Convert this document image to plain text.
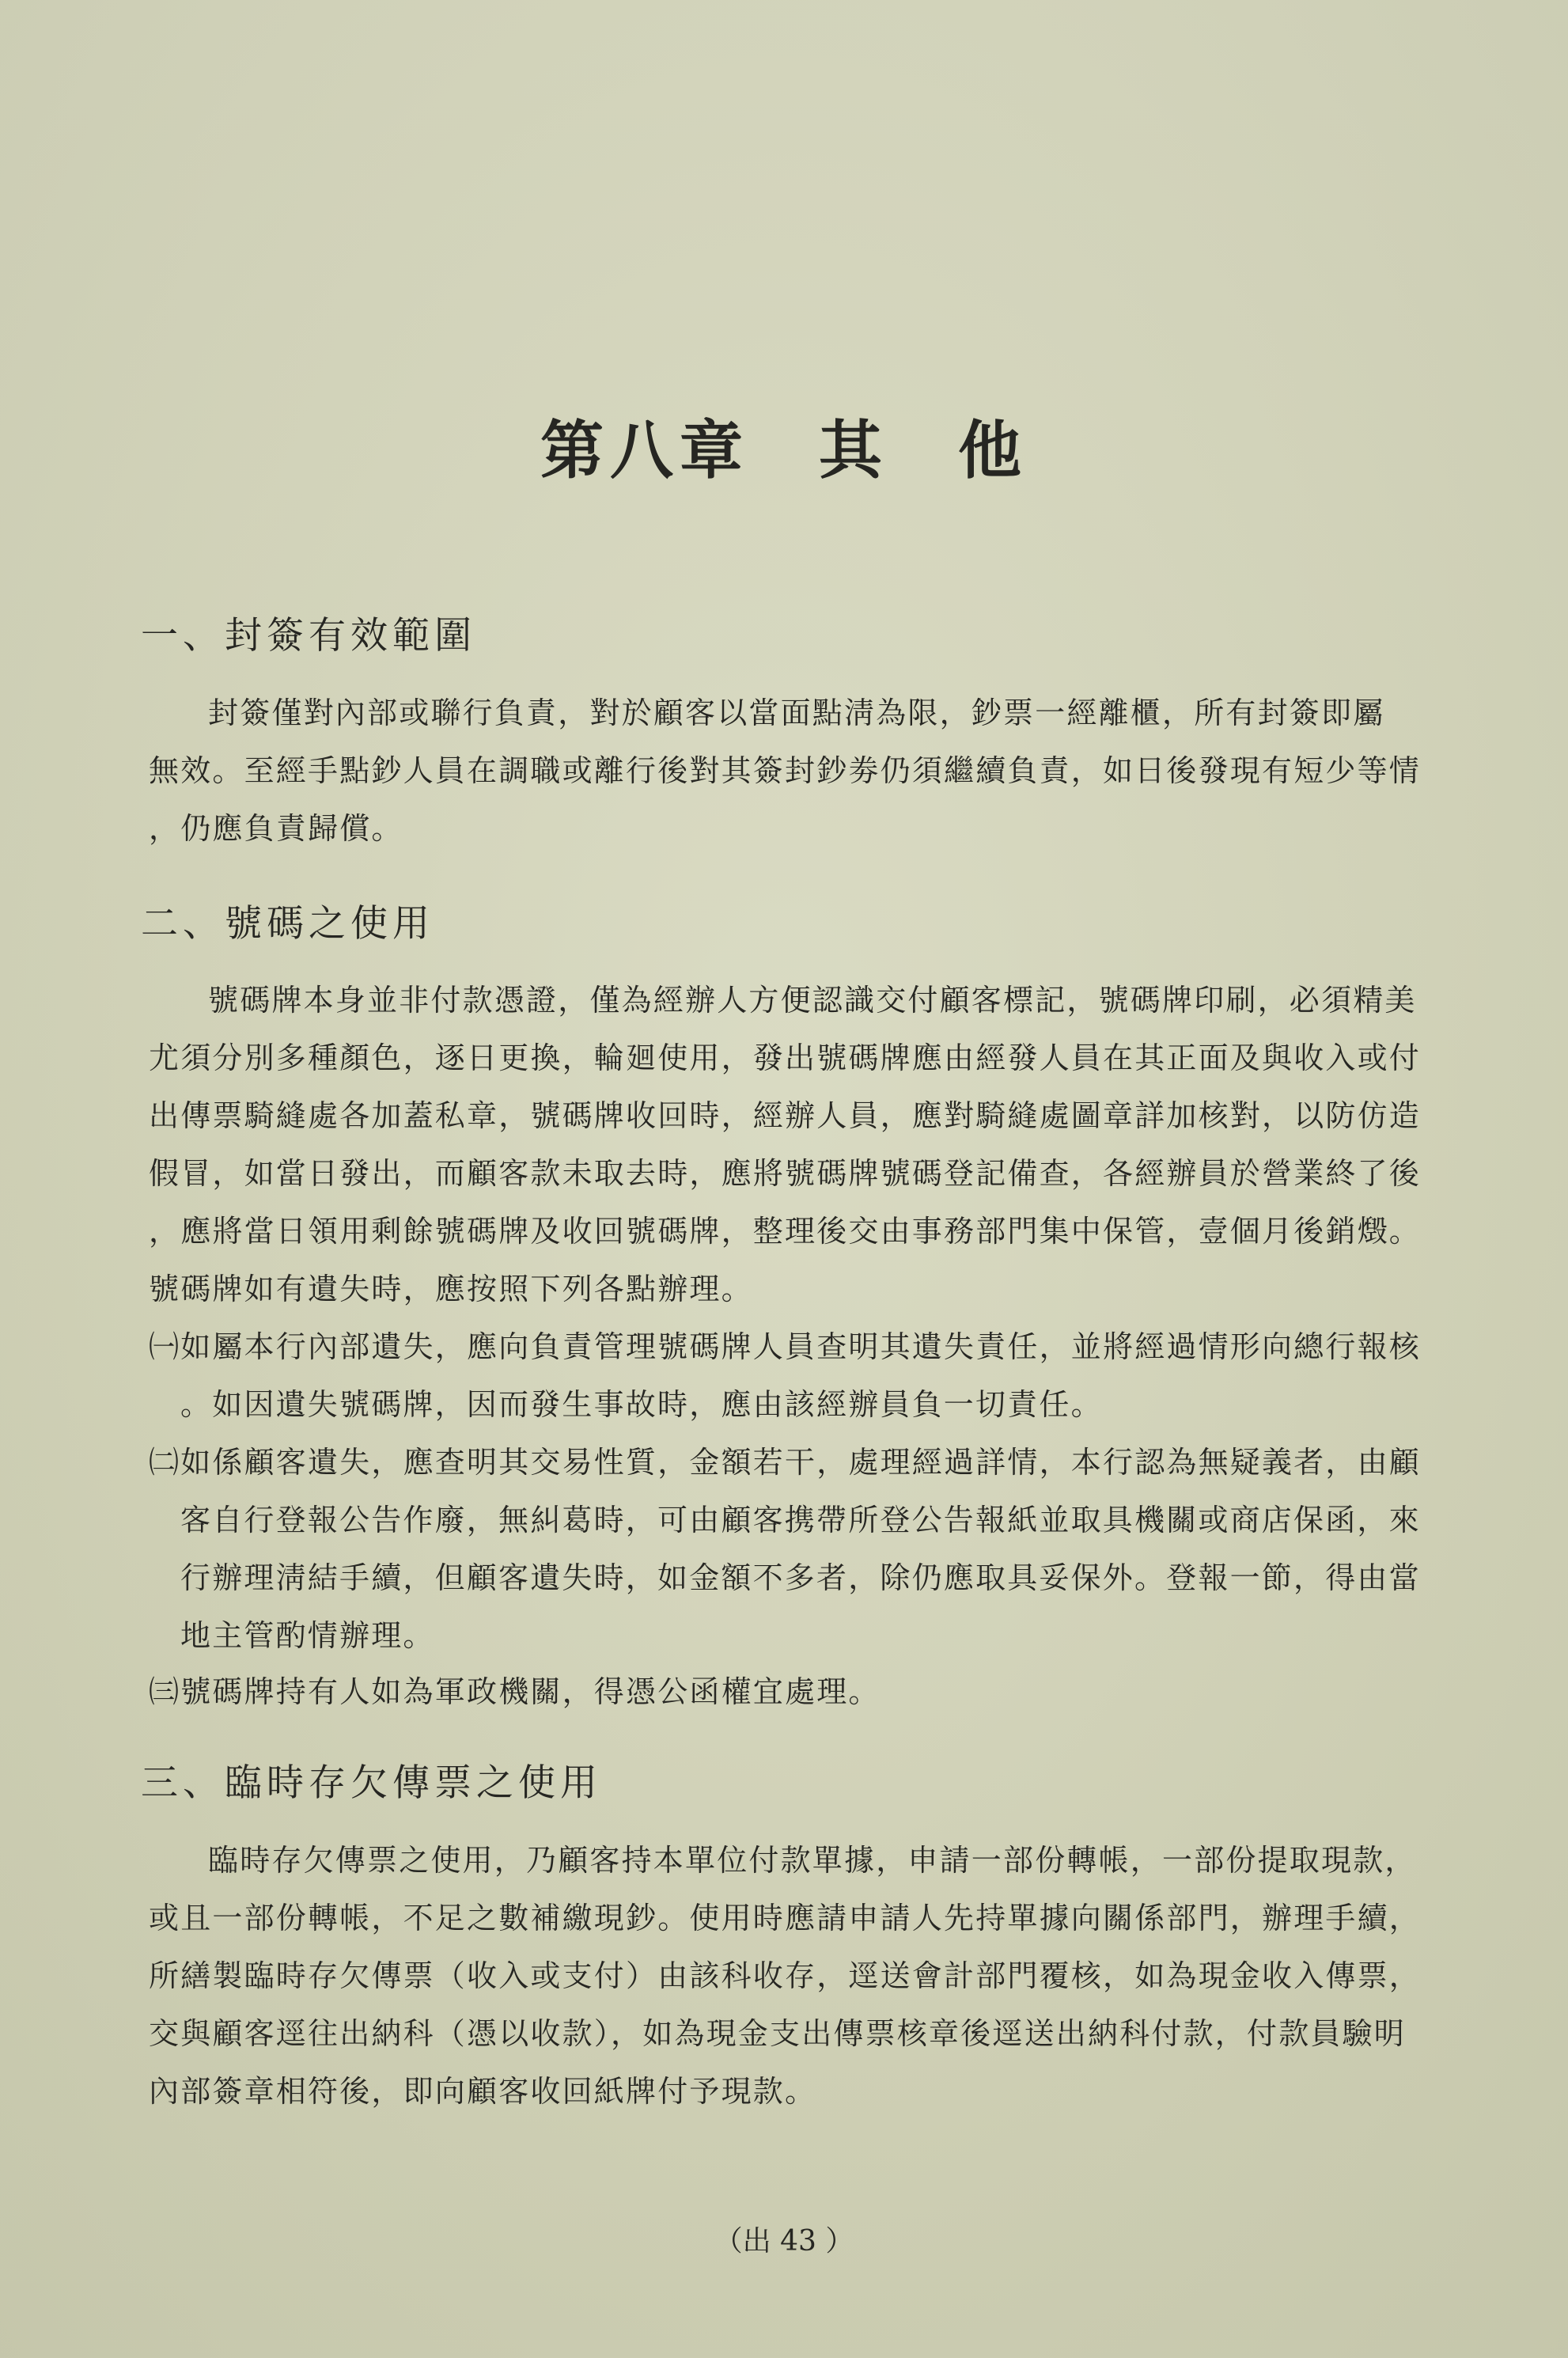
第八章　其　他
一、封簽有效範圍
封簽僅對內部或聯行負責，對於顧客以當面點淸為限，鈔票一經離櫃，所有封簽即屬
無效。至經手點鈔人員在調職或離行後對其簽封鈔劵仍須繼續負責，如日後發現有短少等情
，仍應負責歸償。
二、號碼之使用
號碼牌本身並非付款憑證，僅為經辦人方便認識交付顧客標記，號碼牌印刷，必須精美
尤須分別多種顏色，逐日更換，輪廻使用，發出號碼牌應由經發人員在其正面及與收入或付
出傳票騎縫處各加蓋私章，號碼牌收回時，經辦人員，應對騎縫處圖章詳加核對，以防仿造
假冒，如當日發出，而顧客款未取去時，應將號碼牌號碼登記備查，各經辦員於營業終了後
，應將當日領用剩餘號碼牌及收回號碼牌，整理後交由事務部門集中保管，壹個月後銷燬。
號碼牌如有遺失時，應按照下列各點辦理。
㈠如屬本行內部遺失，應向負責管理號碼牌人員查明其遺失責任，並將經過情形向總行報核
。如因遺失號碼牌，因而發生事故時，應由該經辦員負一切責任。
㈡如係顧客遺失，應查明其交易性質，金額若干，處理經過詳情，本行認為無疑義者，由顧
客自行登報公告作廢，無糾葛時，可由顧客携帶所登公告報紙並取具機關或商店保函，來
行辦理淸結手續，但顧客遺失時，如金額不多者，除仍應取具妥保外。登報一節，得由當
地主管酌情辦理。
㈢號碼牌持有人如為軍政機關，得憑公函權宜處理。
三、臨時存欠傳票之使用
臨時存欠傳票之使用，乃顧客持本單位付款單據，申請一部份轉帳，一部份提取現款，
或且一部份轉帳，不足之數補繳現鈔。使用時應請申請人先持單據向關係部門，辦理手續，
所繕製臨時存欠傳票（收入或支付）由該科收存，逕送會計部門覆核，如為現金收入傳票，
交與顧客逕往出納科（憑以收款），如為現金支出傳票核章後逕送出納科付款，付款員驗明
內部簽章相符後，即向顧客收回紙牌付予現款。
（出 43 ）
